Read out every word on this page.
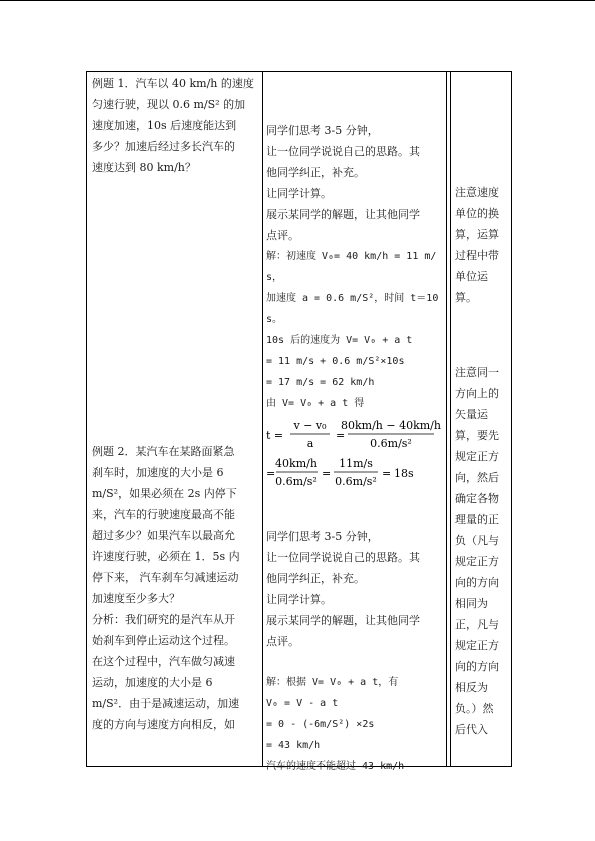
例题 1．汽车以 40 km/h 的速度

匀速行驶，现以 0.6 m/S² 的加

速度加速，10s 后速度能达到

多少？加速后经过多长汽车的

速度达到 80 km/h？

例题 2．某汽车在某路面紧急

刹车时，加速度的大小是 6

m/S²，如果必须在 2s 内停下

来，汽车的行驶速度最高不能

超过多少？如果汽车以最高允

许速度行驶，必须在 1．5s 内

停下来， 汽车刹车匀减速运动

加速度至少多大？

分析：我们研究的是汽车从开

始刹车到停止运动这个过程。

在这个过程中，汽车做匀减速

运动，加速度的大小是 6

m/S²．由于是减速运动，加速

度的方向与速度方向相反，如

同学们思考 3-5 分钟，

让一位同学说说自己的思路。其

他同学纠正，补充。

让同学计算。

展示某同学的解题，让其他同学

点评。

解：初速度 V₀= 40 km/h = 11 m/s，

加速度 a = 0.6 m/S²，时间 t＝10

s。

10s 后的速度为 V= V₀ + a t

= 11 m/s + 0.6 m/S²×10s

= 17 m/s = 62 km/h

由 V= V₀ + a t 得

t =
v − v₀
a
=
80km/h − 40km/h
0.6m/s²
=
40km/h
0.6m/s²
=
11m/s
0.6m/s²
= 18s

同学们思考 3-5 分钟，

让一位同学说说自己的思路。其

他同学纠正，补充。

让同学计算。

展示某同学的解题，让其他同学

点评。

解：根据 V= V₀ + a t，有

V₀ = V - a t

= 0 - (-6m/S²) ×2s

= 43 km/h

汽车的速度不能超过 43 km/h

注意速度

单位的换

算，运算

过程中带

单位运

算。

注意同一

方向上的

矢量运

算，要先

规定正方

向，然后

确定各物

理量的正

负（凡与

规定正方

向的方向

相同为

正，凡与

规定正方

向的方向

相反为

负。）然

后代入
